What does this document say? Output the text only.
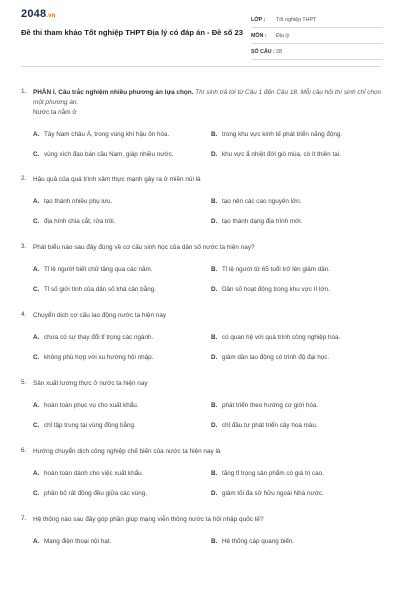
2048.vn
Đề thi tham khảo Tốt nghiệp THPT Địa lý có đáp án - Đề số 23
LỚP :	Tốt nghiệp THPT
MÔN :	Địa lý
SỐ CÂU : 28
1. PHẦN I. Câu trắc nghiệm nhiều phương án lựa chọn. Thí sinh trả lời từ Câu 1 đến Câu 18. Mỗi câu hỏi thí sinh chỉ chọn một phương án.
Nước ta nằm ở
A. Tây Nam châu Á, trong vùng khí hậu ôn hòa.	B. trong khu vực kinh tế phát triển năng động.
C. vùng xích đạo bán cầu Nam, giáp nhiều nước.	D. khu vực ẩ nhiệt đới gió mùa, có ít thiên tai.
2. Hậu quả của quá trình xâm thực mạnh gây ra ở miền núi là
A. tạo thành nhiều phụ lưu.	B. tạo nên các cao nguyên lớn.
C. địa hình chia cắt, rửa trôi.	D. tạo thành dạng địa hình mới.
3. Phát biểu nào sau đây đúng về cơ cấu sinh học của dân số nước ta hiện nay?
A. Tỉ lệ người biết chữ tăng qua các năm.	B. Tỉ lệ người từ 65 tuổi trở lên giảm dần.
C. Tỉ số giới tính của dân số khá cân bằng.	D. Dân số hoạt động trong khu vực II lớn.
4. Chuyển dịch cơ cấu lao động nước ta hiện nay
A. chưa có sự thay đổi tỉ trọng các ngành.	B. có quan hệ với quá trình công nghiệp hóa.
C. không phù hợp với xu hướng hội nhập.	D. giảm dần lao động có trình độ đại học.
5. Sản xuất lương thực ở nước ta hiện nay
A. hoàn toàn phục vụ cho xuất khẩu.	B. phát triển theo hướng cơ giới hóa.
C. chỉ tập trung tại vùng đồng bằng.	D. chỉ đầu tư phát triển cây hoa màu.
6. Hướng chuyển dịch công nghiệp chế biến của nước ta hiện nay là
A. hoàn toàn dành cho việc xuất khẩu.	B. tăng tỉ trọng sản phẩm có giá trị cao.
C. phân bố rất đồng đều giữa các vùng.	D. giảm tối đa sở hữu ngoài Nhà nước.
7. Hệ thống nào sau đây góp phần giúp mạng viễn thông nước ta hội nhập quốc tế?
A. Mạng điện thoại nội hạt.	B. Hệ thống cáp quang biển.
